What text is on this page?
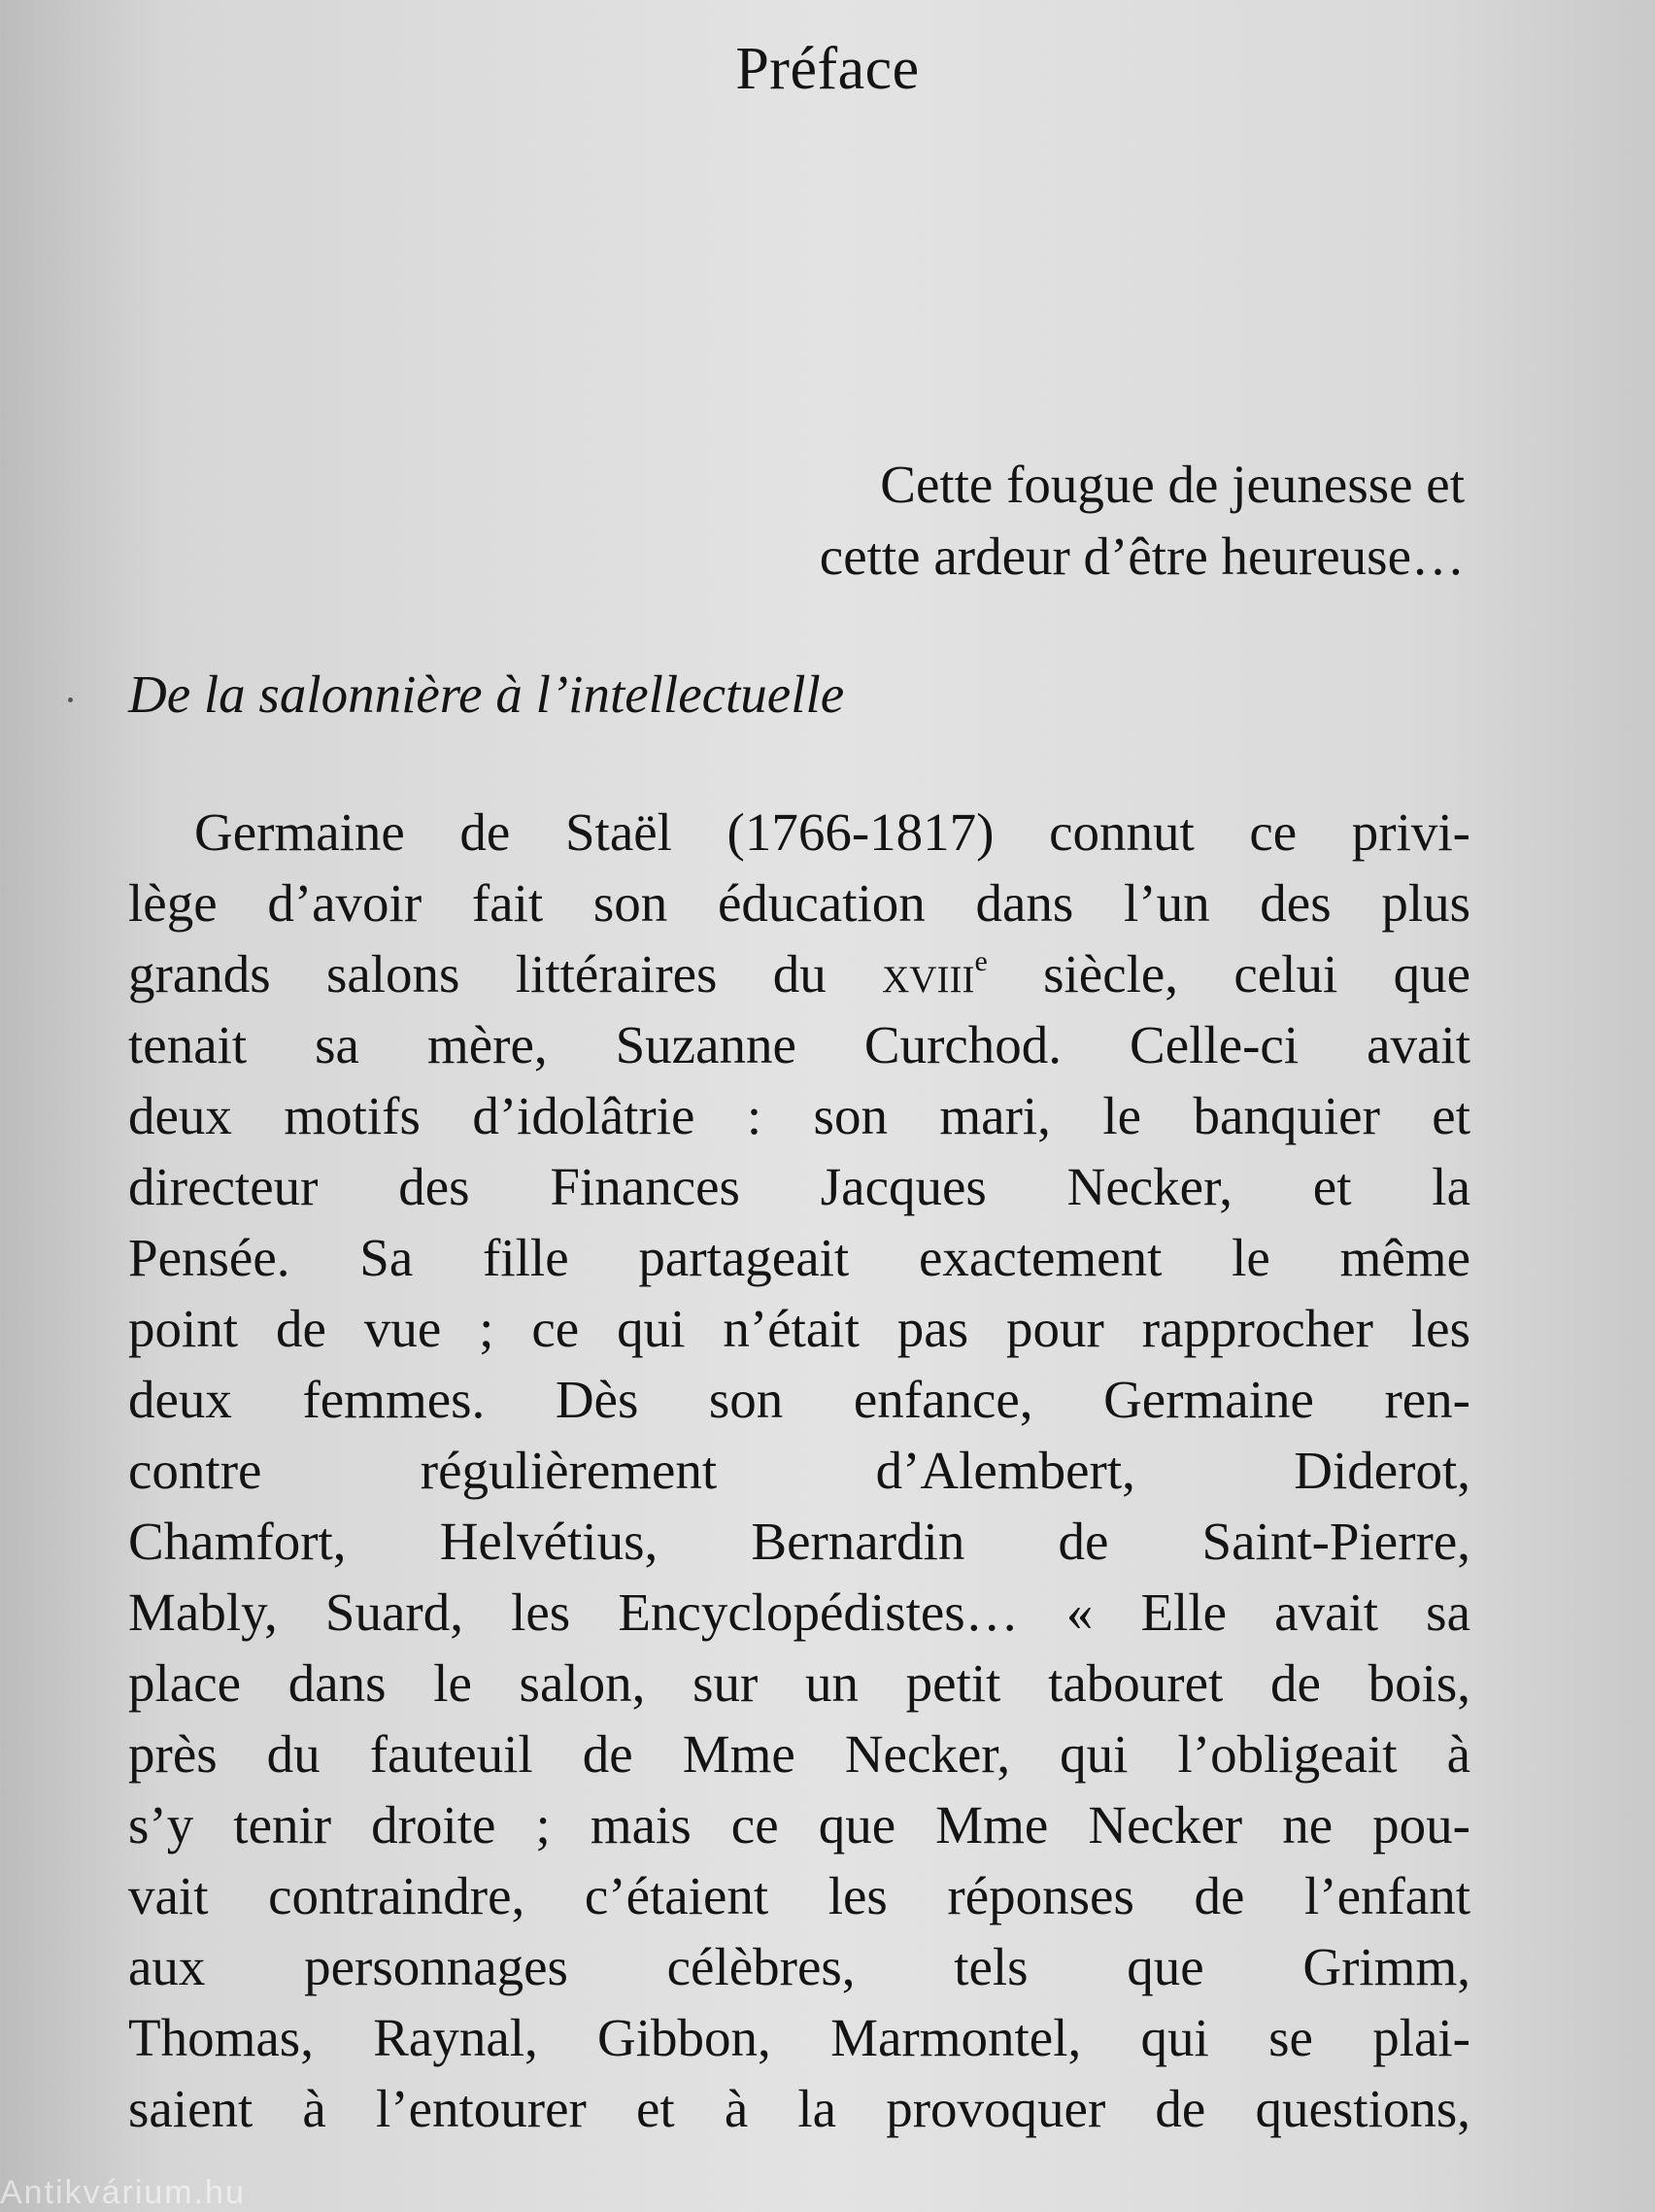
Préface
Cette fougue de jeunesse et
cette ardeur d’être heureuse…
De la salonnière à l’intellectuelle
Germaine de Staël (1766-1817) connut ce privi-
lège d’avoir fait son éducation dans l’un des plus
grands salons littéraires du xviii$^e$ siècle, celui que
tenait sa mère, Suzanne Curchod. Celle-ci avait
deux motifs d’idolâtrie : son mari, le banquier et
directeur des Finances Jacques Necker, et la
Pensée. Sa fille partageait exactement le même
point de vue ; ce qui n’était pas pour rapprocher les
deux femmes. Dès son enfance, Germaine ren-
contre régulièrement d’Alembert, Diderot,
Chamfort, Helvétius, Bernardin de Saint-Pierre,
Mably, Suard, les Encyclopédistes… « Elle avait sa
place dans le salon, sur un petit tabouret de bois,
près du fauteuil de Mme Necker, qui l’obligeait à
s’y tenir droite ; mais ce que Mme Necker ne pou-
vait contraindre, c’étaient les réponses de l’enfant
aux personnages célèbres, tels que Grimm,
Thomas, Raynal, Gibbon, Marmontel, qui se plai-
saient à l’entourer et à la provoquer de questions,
Antikvárium.hu
